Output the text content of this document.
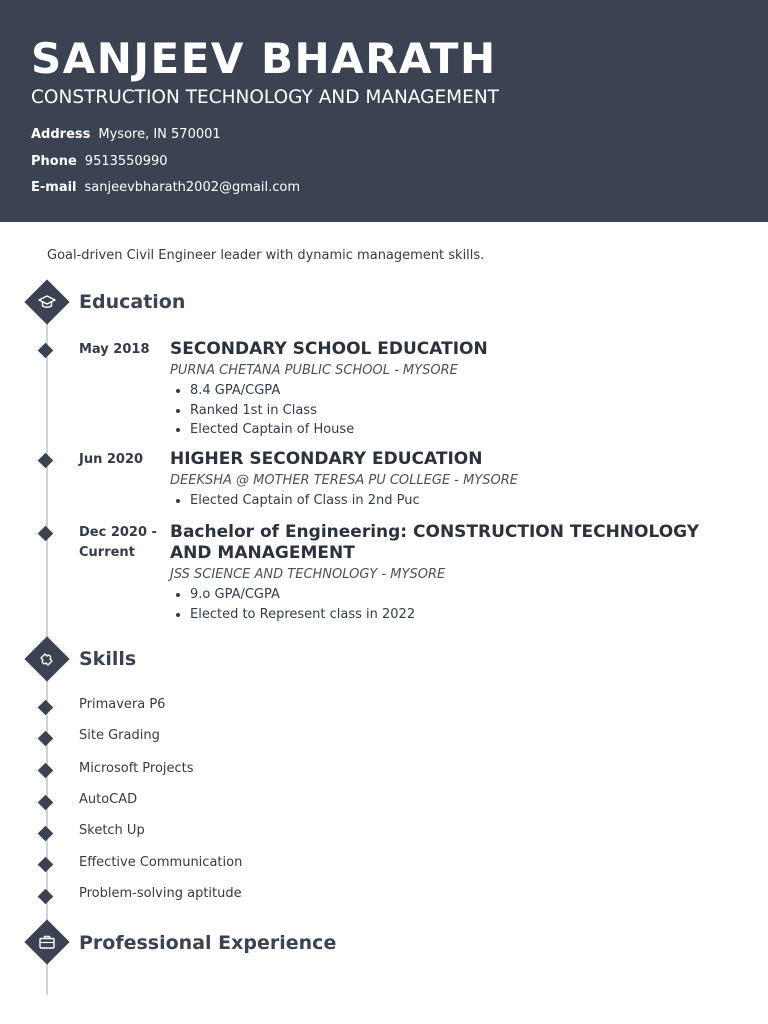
SANJEEV BHARATH
CONSTRUCTION TECHNOLOGY AND MANAGEMENT
Address Mysore, IN 570001
Phone 9513550990
E-mail sanjeevbharath2002@gmail.com
Goal-driven Civil Engineer leader with dynamic management skills.
Education
May 2018 SECONDARY SCHOOL EDUCATION
PURNA CHETANA PUBLIC SCHOOL - MYSORE
• 8.4 GPA/CGPA
• Ranked 1st in Class
• Elected Captain of House
Jun 2020 HIGHER SECONDARY EDUCATION
DEEKSHA @ MOTHER TERESA PU COLLEGE - MYSORE
• Elected Captain of Class in 2nd Puc
Dec 2020 - Current
Bachelor of Engineering: CONSTRUCTION TECHNOLOGY AND MANAGEMENT
JSS SCIENCE AND TECHNOLOGY - MYSORE
• 9.o GPA/CGPA
• Elected to Represent class in 2022
Skills
Primavera P6
Site Grading
Microsoft Projects
AutoCAD
Sketch Up
Effective Communication
Problem-solving aptitude
Professional Experience
